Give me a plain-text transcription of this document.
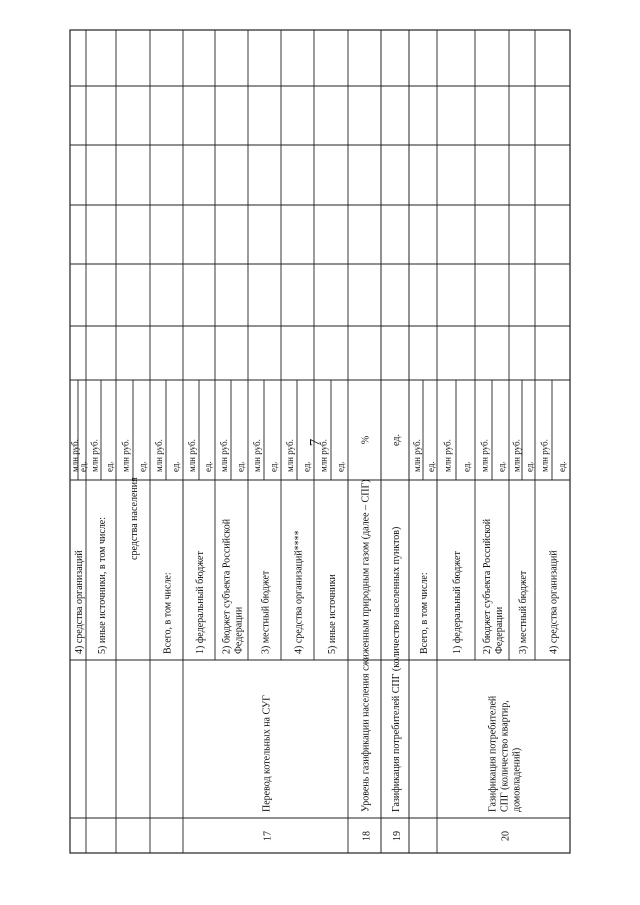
7
млн руб.
ед.
4) средства организаций
млн руб. ед.
5) иные источники, в том числе:
млн руб. ед.
средства населения
млн руб. ед.
Всего, в том числе:
млн руб. ед.
1) федеральный бюджет
млн руб. ед.
2) бюджет субъекта Российской Федерации
млн руб. ед.
3) местный бюджет
млн руб. ед.
4) средства организаций****
млн руб. ед.
5) иные источники
% ед. млн руб. ед.
Всего, в том числе:
млн руб. ед.
1) федеральный бюджет
млн руб. ед.
2) бюджет субъекта Российской Федерации
млн руб. ед.
3) местный бюджет
млн руб. ед.
4) средства организаций
17
Перевод котельных на СУГ
18
Уровень газификации населения сжиженным природным газом (далее – СПГ)
19
Газификация потребителей СПГ (количество населенных пунктов)
20
Газификация потребителей СПГ (количество квартир, домовладений)
